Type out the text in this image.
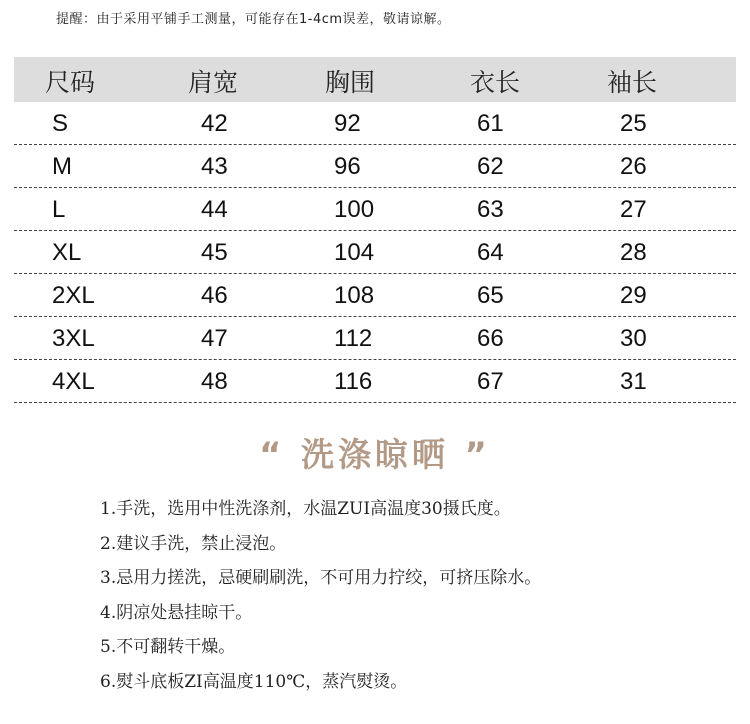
提醒：由于采用平铺手工测量，可能存在1-4cm误差，敬请谅解。
尺码	肩宽	胸围	衣长	袖长
S	42	92	61	25
M	43	96	62	26
L	44	100	63	27
XL	45	104	64	28
2XL	46	108	65	29
3XL	47	112	66	30
4XL	48	116	67	31
“ 洗涤晾晒 ”
1.手洗，选用中性洗涤剂，水温ZUI高温度30摄氏度。
2.建议手洗，禁止浸泡。
3.忌用力搓洗，忌硬刷刷洗，不可用力拧绞，可挤压除水。
4.阴凉处悬挂晾干。
5.不可翻转干燥。
6.熨斗底板ZI高温度110℃，蒸汽熨烫。
